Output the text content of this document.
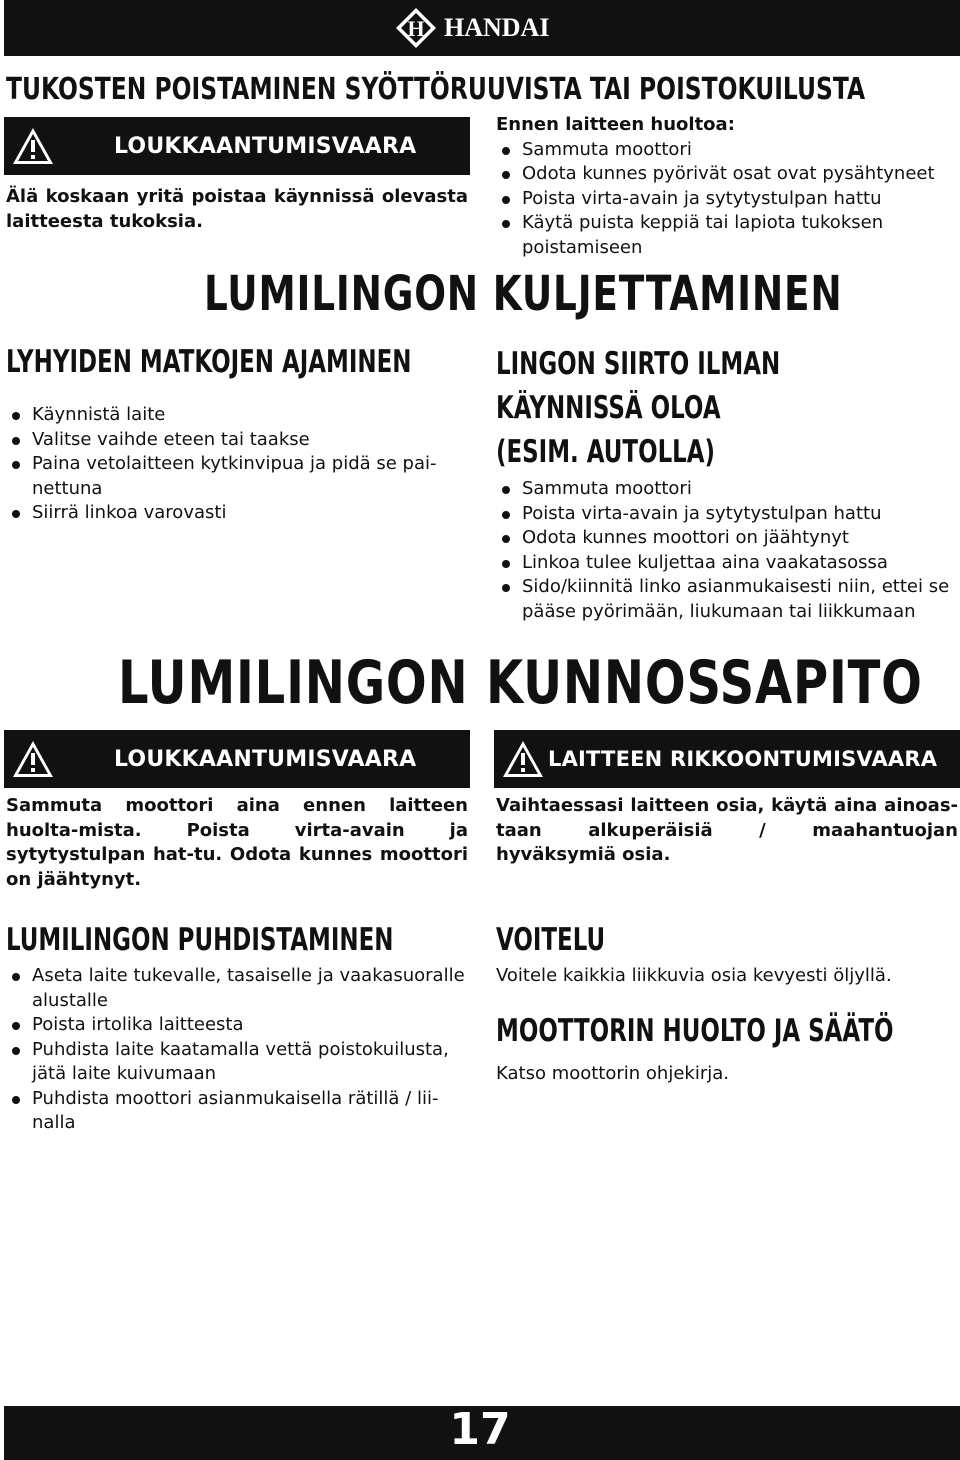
H HANDAI
TUKOSTEN POISTAMINEN SYÖTTÖRUUVISTA TAI POISTOKUILUSTA
LOUKKAANTUMISVAARA
Älä koskaan yritä poistaa käynnissä olevasta laitteesta tukoksia.
Ennen laitteen huoltoa:
Sammuta moottori
Odota kunnes pyörivät osat ovat pysähtyneet
Poista virta-avain ja sytytystulpan hattu
Käytä puista keppiä tai lapiota tukoksen poistamiseen
LUMILINGON KULJETTAMINEN
LYHYIDEN MATKOJEN AJAMINEN
Käynnistä laite
Valitse vaihde eteen tai taakse
Paina vetolaitteen kytkinvipua ja pidä se pai-nettuna
Siirrä linkoa varovasti
LINGON SIIRTO ILMAN
KÄYNNISSÄ OLOA
(ESIM. AUTOLLA)
Sammuta moottori
Poista virta-avain ja sytytystulpan hattu
Odota kunnes moottori on jäähtynyt
Linkoa tulee kuljettaa aina vaakatasossa
Sido/kiinnitä linko asianmukaisesti niin, ettei se pääse pyörimään, liukumaan tai liikkumaan
LUMILINGON KUNNOSSAPITO
LOUKKAANTUMISVAARA
Sammuta moottori aina ennen laitteen huolta-mista. Poista virta-avain ja sytytystulpan hat-tu. Odota kunnes moottori on jäähtynyt.
LAITTEEN RIKKOONTUMISVAARA
Vaihtaessasi laitteen osia, käytä aina ainoas-taan alkuperäisiä / maahantuojan hyväksymiä osia.
LUMILINGON PUHDISTAMINEN
Aseta laite tukevalle, tasaiselle ja vaakasuoralle alustalle
Poista irtolika laitteesta
Puhdista laite kaatamalla vettä poistokuilusta, jätä laite kuivumaan
Puhdista moottori asianmukaisella rätillä / lii-nalla
VOITELU
Voitele kaikkia liikkuvia osia kevyesti öljyllä.
MOOTTORIN HUOLTO JA SÄÄTÖ
Katso moottorin ohjekirja.
17
